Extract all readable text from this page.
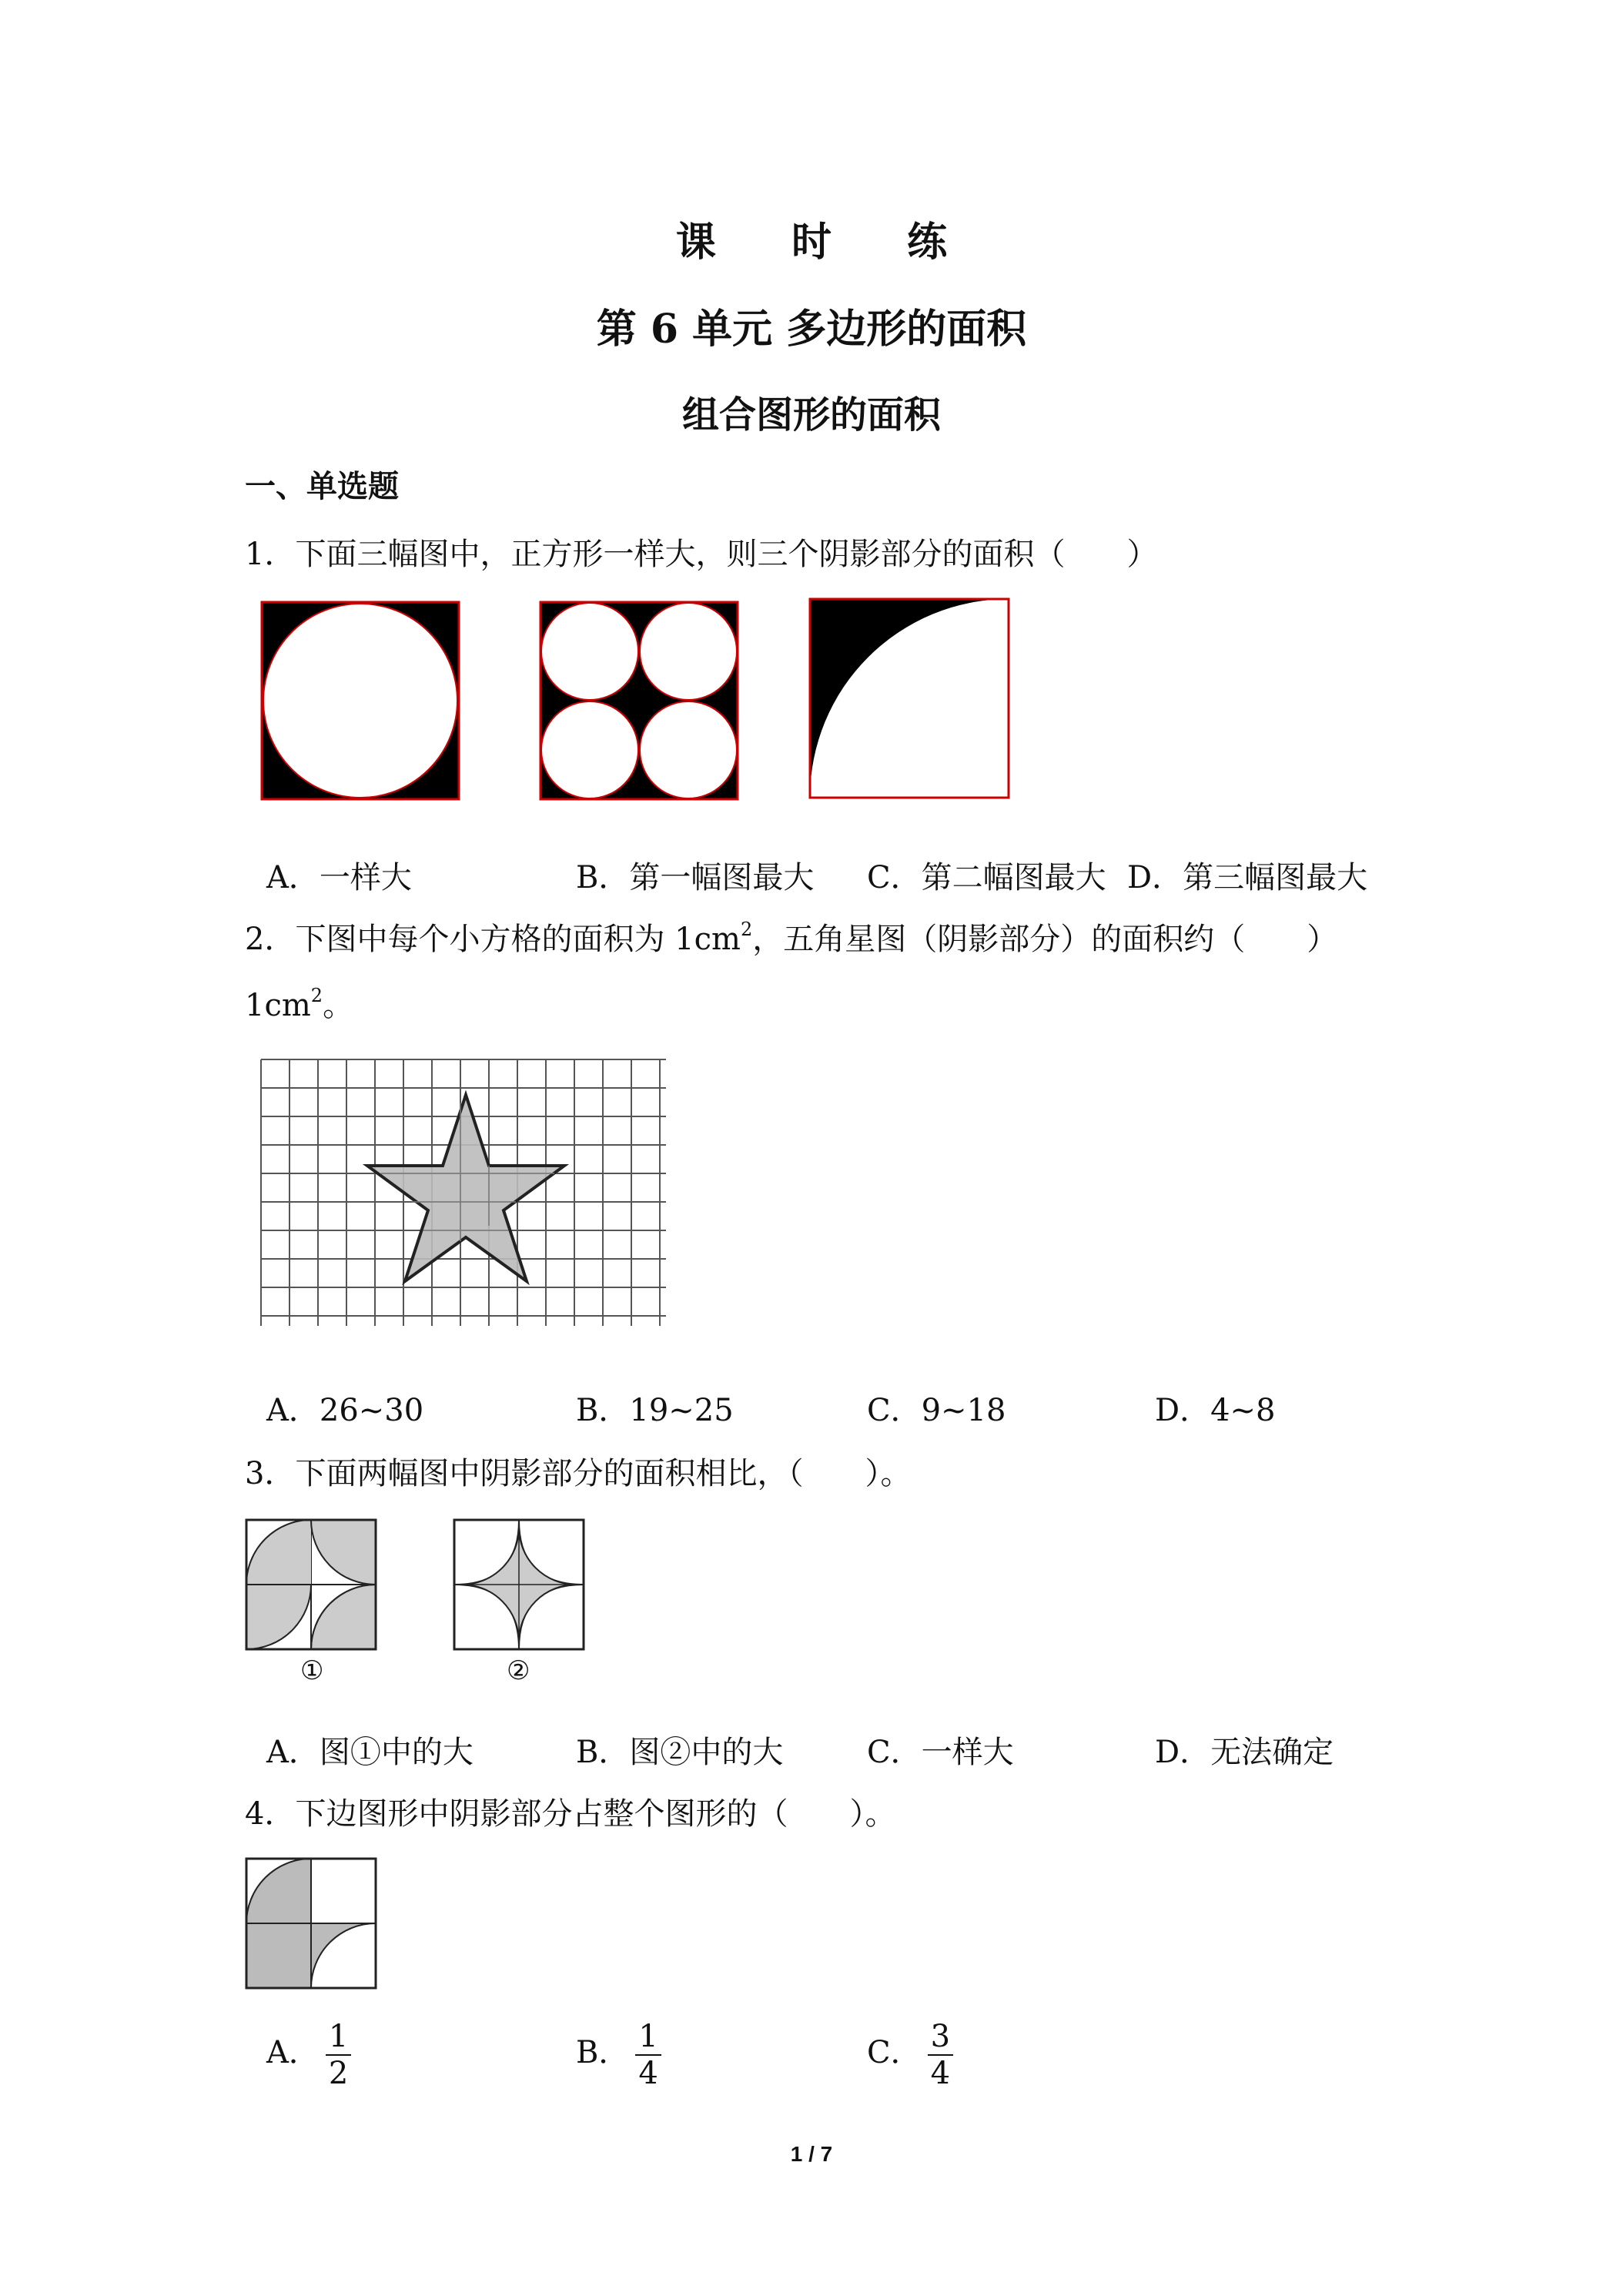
课 时 练
第 6 单元 多边形的面积
组合图形的面积
一、单选题
1．下面三幅图中，正方形一样大，则三个阴影部分的面积（　　）
A．一样大	B．第一幅图最大 C．第二幅图最大 D．第三幅图最大
2．下图中每个小方格的面积为 $1cm^2$，五角星图（阴影部分）的面积约（　　）
$1cm^2$。
A．26~30	B．19~25	C．9~18	D．4~8
3．下面两幅图中阴影部分的面积相比，（　　）。
①	②
A．图①中的大	B．图②中的大	C．一样大	D．无法确定
4．下边图形中阴影部分占整个图形的（　　）。
A． $\frac{1}{2}$	B． $\frac{1}{4}$	C． $\frac{3}{4}$
1 / 7
